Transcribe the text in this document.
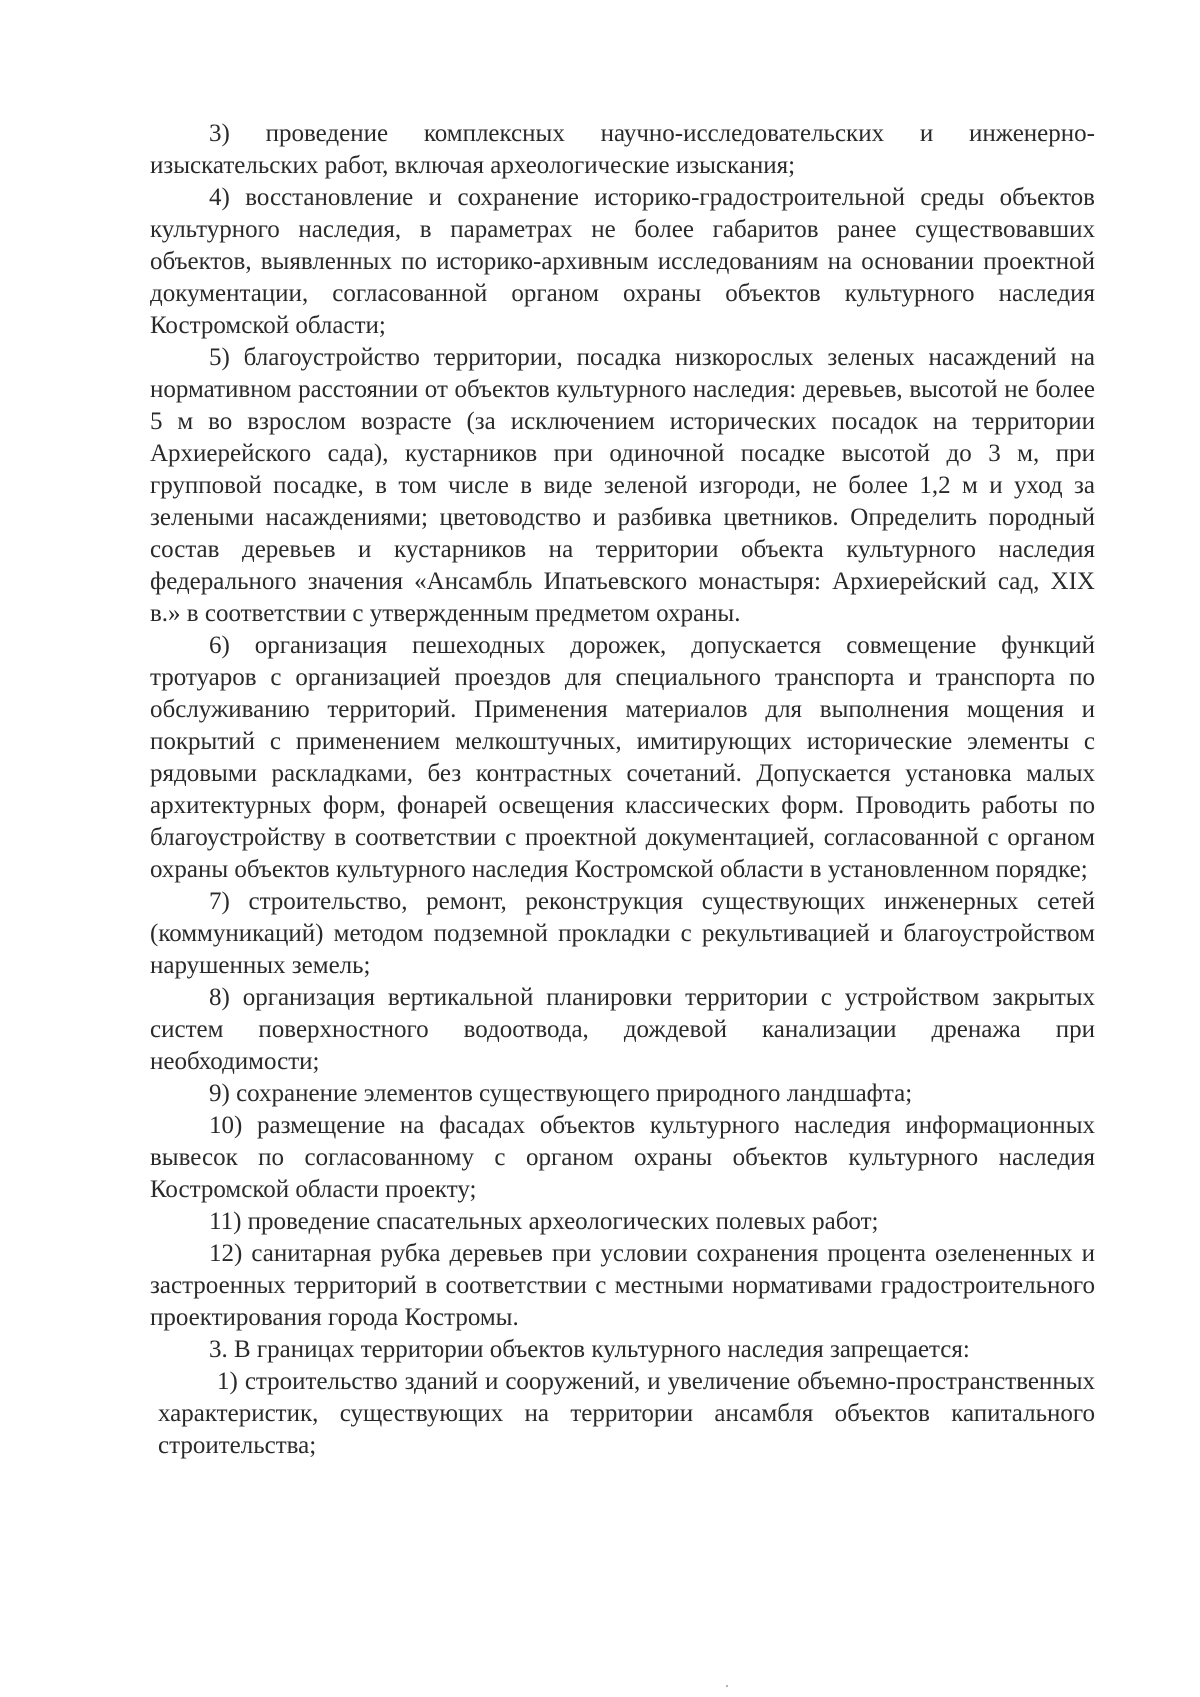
3) проведение комплексных научно-исследовательских и инженерно-изыскательских работ, включая археологические изыскания;

4) восстановление и сохранение историко-градостроительной среды объектов культурного наследия, в параметрах не более габаритов ранее существовавших объектов, выявленных по историко-архивным исследованиям на основании проектной документации, согласованной органом охраны объектов культурного наследия Костромской области;

5) благоустройство территории, посадка низкорослых зеленых насаждений на нормативном расстоянии от объектов культурного наследия: деревьев, высотой не более 5 м во взрослом возрасте (за исключением исторических посадок на территории Архиерейского сада), кустарников при одиночной посадке высотой до 3 м, при групповой посадке, в том числе в виде зеленой изгороди, не более 1,2 м и уход за зелеными насаждениями; цветоводство и разбивка цветников. Определить породный состав деревьев и кустарников на территории объекта культурного наследия федерального значения «Ансамбль Ипатьевского монастыря: Архиерейский сад, XIX в.» в соответствии с утвержденным предметом охраны.

6) организация пешеходных дорожек, допускается совмещение функций тротуаров с организацией проездов для специального транспорта и транспорта по обслуживанию территорий. Применения материалов для выполнения мощения и покрытий с применением мелкоштучных, имитирующих исторические элементы с рядовыми раскладками, без контрастных сочетаний. Допускается установка малых архитектурных форм, фонарей освещения классических форм. Проводить работы по благоустройству в соответствии с проектной документацией, согласованной с органом охраны объектов культурного наследия Костромской области в установленном порядке;

7) строительство, ремонт, реконструкция существующих инженерных сетей (коммуникаций) методом подземной прокладки с рекультивацией и благоустройством нарушенных земель;

8) организация вертикальной планировки территории с устройством закрытых систем поверхностного водоотвода, дождевой канализации дренажа при необходимости;

9) сохранение элементов существующего природного ландшафта;

10) размещение на фасадах объектов культурного наследия информационных вывесок по согласованному с органом охраны объектов культурного наследия Костромской области проекту;

11) проведение спасательных археологических полевых работ;

12) санитарная рубка деревьев при условии сохранения процента озелененных и застроенных территорий в соответствии с местными нормативами градостроительного проектирования города Костромы.

3. В границах территории объектов культурного наследия запрещается:

1) строительство зданий и сооружений, и увеличение объемно-пространственных характеристик, существующих на территории ансамбля объектов капитального строительства;
